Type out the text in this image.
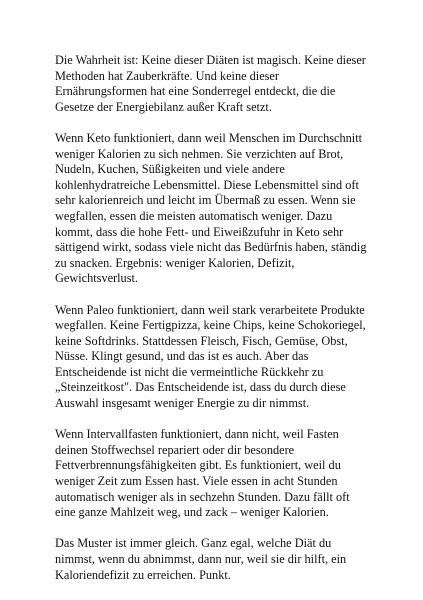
Die Wahrheit ist: Keine dieser Diäten ist magisch. Keine dieser
Methoden hat Zauberkräfte. Und keine dieser
Ernährungsformen hat eine Sonderregel entdeckt, die die
Gesetze der Energiebilanz außer Kraft setzt.

Wenn Keto funktioniert, dann weil Menschen im Durchschnitt
weniger Kalorien zu sich nehmen. Sie verzichten auf Brot,
Nudeln, Kuchen, Süßigkeiten und viele andere
kohlenhydratreiche Lebensmittel. Diese Lebensmittel sind oft
sehr kalorienreich und leicht im Übermaß zu essen. Wenn sie
wegfallen, essen die meisten automatisch weniger. Dazu
kommt, dass die hohe Fett- und Eiweißzufuhr in Keto sehr
sättigend wirkt, sodass viele nicht das Bedürfnis haben, ständig
zu snacken. Ergebnis: weniger Kalorien, Defizit,
Gewichtsverlust.

Wenn Paleo funktioniert, dann weil stark verarbeitete Produkte
wegfallen. Keine Fertigpizza, keine Chips, keine Schokoriegel,
keine Softdrinks. Stattdessen Fleisch, Fisch, Gemüse, Obst,
Nüsse. Klingt gesund, und das ist es auch. Aber das
Entscheidende ist nicht die vermeintliche Rückkehr zu
„Steinzeitkost". Das Entscheidende ist, dass du durch diese
Auswahl insgesamt weniger Energie zu dir nimmst.

Wenn Intervallfasten funktioniert, dann nicht, weil Fasten
deinen Stoffwechsel repariert oder dir besondere
Fettverbrennungsfähigkeiten gibt. Es funktioniert, weil du
weniger Zeit zum Essen hast. Viele essen in acht Stunden
automatisch weniger als in sechzehn Stunden. Dazu fällt oft
eine ganze Mahlzeit weg, und zack – weniger Kalorien.

Das Muster ist immer gleich. Ganz egal, welche Diät du
nimmst, wenn du abnimmst, dann nur, weil sie dir hilft, ein
Kaloriendefizit zu erreichen. Punkt.
